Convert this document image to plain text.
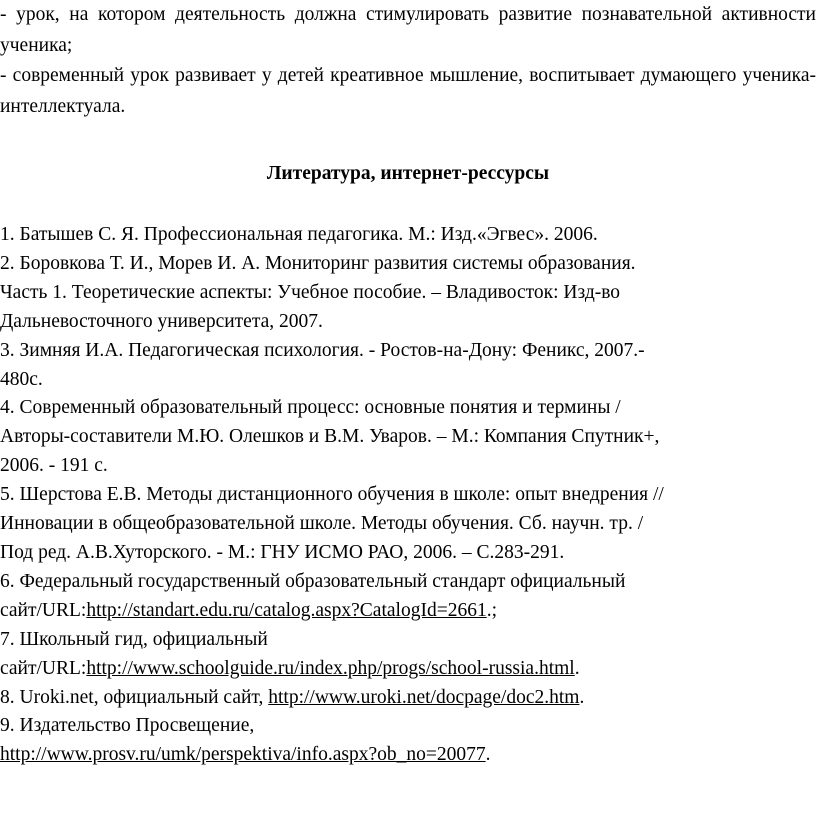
- урок, на котором деятельность должна стимулировать развитие познавательной активности ученика;

- современный урок развивает у детей креативное мышление, воспитывает думающего ученика-интеллектуала.

Литература, интернет-рессурсы

1. Батышев С. Я. Профессиональная педагогика. М.: Изд.«Эгвес». 2006.

2. Боровкова Т. И., Морев И. А. Мониторинг развития системы образования.
Часть 1. Теоретические аспекты: Учебное пособие. – Владивосток: Изд-во
Дальневосточного университета, 2007.

3. Зимняя И.А. Педагогическая психология. - Ростов-на-Дону: Феникс, 2007.-
480с.

4. Современный образовательный процесс: основные понятия и термины /
Авторы-составители М.Ю. Олешков и В.М. Уваров. – М.: Компания Спутник+,
2006. - 191 с.

5. Шерстова Е.В. Методы дистанционного обучения в школе: опыт внедрения //
Инновации в общеобразовательной школе. Методы обучения. Сб. научн. тр. /
Под ред. А.В.Хуторского. - М.: ГНУ ИСМО РАО, 2006. – С.283-291.

6. Федеральный государственный образовательный стандарт официальный
сайт/URL:http://standart.edu.ru/catalog.aspx?CatalogId=2661.;

7. Школьный гид, официальный
сайт/URL:http://www.schoolguide.ru/index.php/progs/school-russia.html.

8. Uroki.net, официальный сайт, http://www.uroki.net/docpage/doc2.htm.

9. Издательство Просвещение,
http://www.prosv.ru/umk/perspektiva/info.aspx?ob_no=20077.
